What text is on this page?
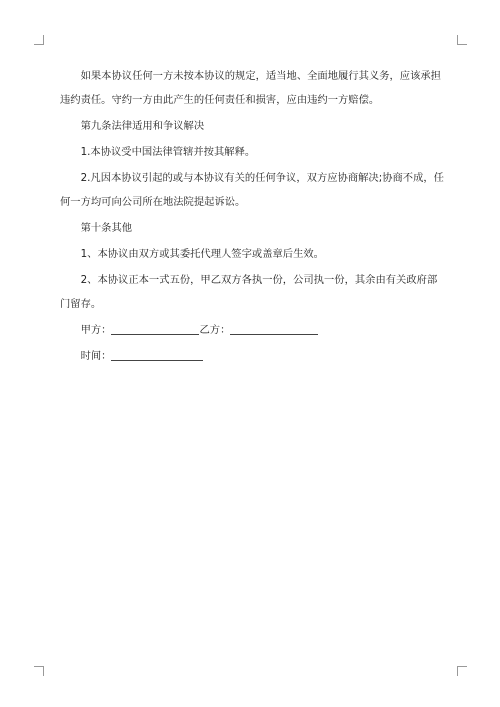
如果本协议任何一方未按本协议的规定，适当地、全面地履行其义务，应该承担违约责任。守约一方由此产生的任何责任和损害，应由违约一方赔偿。

第九条法律适用和争议解决

1.本协议受中国法律管辖并按其解释。

2.凡因本协议引起的或与本协议有关的任何争议，双方应协商解决;协商不成，任何一方均可向公司所在地法院提起诉讼。

第十条其他

1、本协议由双方或其委托代理人签字或盖章后生效。

2、本协议正本一式五份，甲乙双方各执一份，公司执一份，其余由有关政府部门留存。

甲方：	乙方：
时间：
